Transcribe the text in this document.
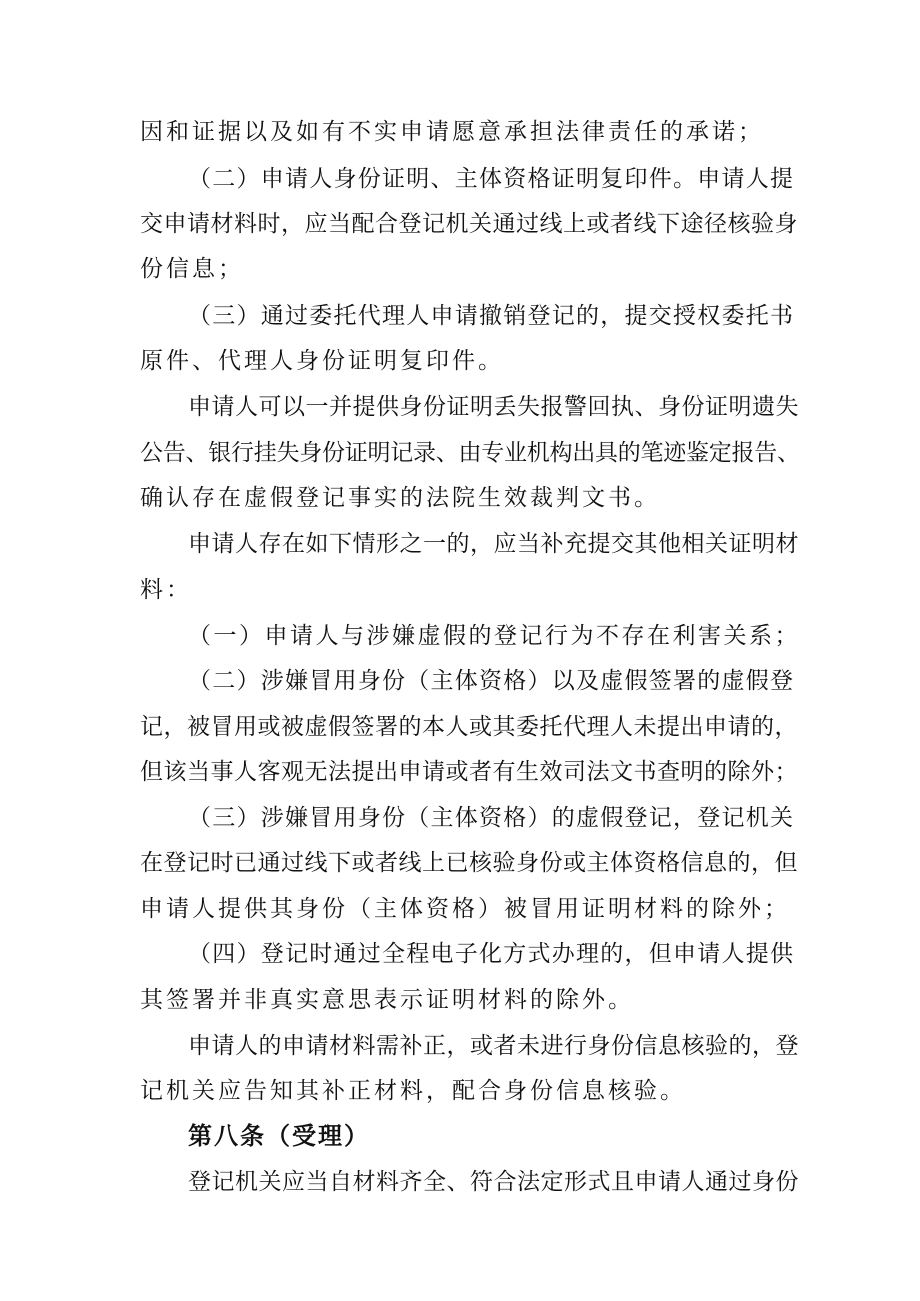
因和证据以及如有不实申请愿意承担法律责任的承诺；
（二）申请人身份证明、主体资格证明复印件。申请人提
交申请材料时，应当配合登记机关通过线上或者线下途径核验身
份信息；
（三）通过委托代理人申请撤销登记的，提交授权委托书
原件、代理人身份证明复印件。
申请人可以一并提供身份证明丢失报警回执、身份证明遗失
公告、银行挂失身份证明记录、由专业机构出具的笔迹鉴定报告、
确认存在虚假登记事实的法院生效裁判文书。
申请人存在如下情形之一的，应当补充提交其他相关证明材
料：
（一）申请人与涉嫌虚假的登记行为不存在利害关系；
（二）涉嫌冒用身份（主体资格）以及虚假签署的虚假登
记，被冒用或被虚假签署的本人或其委托代理人未提出申请的，
但该当事人客观无法提出申请或者有生效司法文书查明的除外；
（三）涉嫌冒用身份（主体资格）的虚假登记，登记机关
在登记时已通过线下或者线上已核验身份或主体资格信息的，但
申请人提供其身份（主体资格）被冒用证明材料的除外；
（四）登记时通过全程电子化方式办理的，但申请人提供
其签署并非真实意思表示证明材料的除外。
申请人的申请材料需补正，或者未进行身份信息核验的，登
记机关应告知其补正材料，配合身份信息核验。
第八条（受理）
登记机关应当自材料齐全、符合法定形式且申请人通过身份
